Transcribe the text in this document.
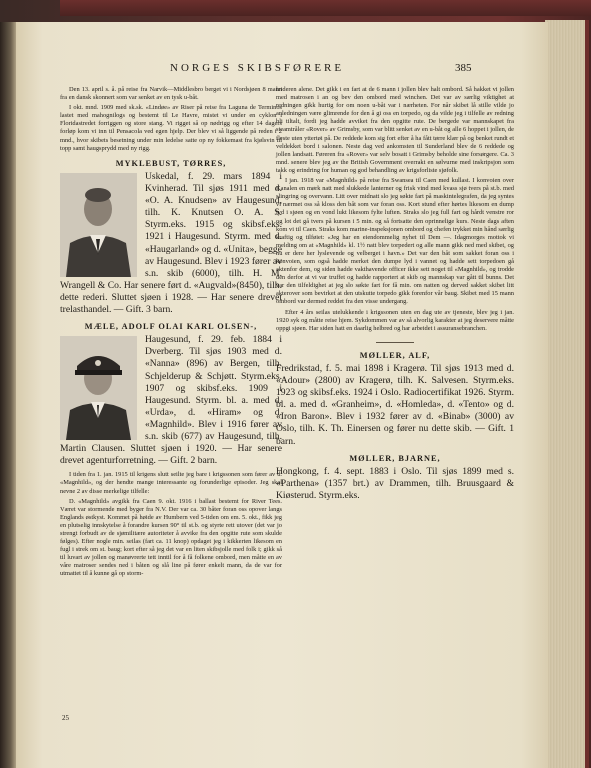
NORGES SKIBSFØRERE	385

Den 13. april s. å. på reise fra Narvik—Middlesbro berget vi i Nordsjøen 8 mann fra en dansk skonnert som var senket av en tysk u-båt.

I okt. mnd. 1909 med sk.sk. «Lindøe» av Riser på reise fra Laguna de Terminos lastet med mahognilogs og bestemt til Le Havre, mistet vi under en cyklon i Floridastredet forriggen og store stang. Vi rigget så op nødrigg og efter 14 dagers forløp kom vi inn til Pensacola ved egen hjelp. Der blev vi så liggende på reden i 2 mnd., hvor skibets besetning under min ledelse satte op ny fokkemast fra kjølsvin til topp samt haugsprydd med ny rigg.

MYKLEBUST, TØRRES,

Uskedal, f. 29. mars 1894 i Kvinherad. Til sjøs 1911 med d. «O. A. Knudsen» av Haugesund, tilh. K. Knutsen O. A. S. Styrm.eks. 1915 og skibsf.eks. 1921 i Haugesund. Styrm. med d. «Haugarland» og d. «Unita», begge av Haugesund. Blev i 1923 fører av s.n. skib (6000), tilh. H. M. Wrangell & Co. Har senere ført d. «Augvald»(8450), tilh. dette rederi. Sluttet sjøen i 1928. — Har senere drevet trelasthandel. — Gift. 3 barn.

MÆLE, ADOLF OLAI KARL OLSEN-,

Haugesund, f. 29. feb. 1884 i Dverberg. Til sjøs 1903 med d. «Nanna» (896) av Bergen, tilh. Schjelderup & Schjøtt. Styrm.eks. 1907 og skibsf.eks. 1909 i Haugesund. Styrm. bl. a. med d. «Urda», d. «Hiram» og d. «Magnhild». Blev i 1916 fører av s.n. skib (677) av Haugesund, tilh. Martin Clausen. Sluttet sjøen i 1920. — Har senere drevet agenturforretning. — Gift. 2 barn.

I tiden fra 1. jan. 1915 til krigens slutt seilte jeg bare i krigssonen som fører av d. «Magnhild», og der hendte mange interessante og forunderlige episoder. Jeg skal nevne 2 av disse merkelige tilfelle:

D. «Magnhild» avgikk fra Caen 9. okt. 1916 i ballast bestemt for River Tees. Været var stormende med byger fra N.V. Der var ca. 30 båter foran oss opover langs Englands østkyst. Kommet på høide av Humbern ved 5-tiden om em. 5. okt., fikk jeg en plutselig innskytelse å forandre kursen 90° til st.b. og styrte rett utover (det var jo strengt forbudt av de sjømilitære autoriteter å avvike fra den opgitte rute som skulde følges). Efter nogle min. seilas (fart ca. 11 knop) opdaget jeg i kikkerten likesom en fugl i strek om st. baug; kort efter så jeg det var en liten skibsjolle med folk i; gikk så til luvart av jollen og manøvrerte tett inntil for å få folkene ombord, men måtte en av våre matroser sendes ned i båten og slå line på fører enkelt mann, da de var for utmattet til å kunne gå op storm-

leideren alene. Det gikk i en fart at de 6 mann i jollen blev halt ombord. Så hakket vi jollen med matrosen i an og bev den ombord med winchen. Det var av særlig viktighet at redningen gikk hurtig for om noen u-båt var i nærheten. For når skibet lå stille vilde jo anledningen være glimrende for den å gi oss en torpedo, og da vilde jeg i tilfelle av redning bli tiltalt, fordi jeg hadde avviket fra den opgitte rute. De bergede var mannskapet fra steamtråler «Rover» av Grimsby, som var blitt senket av en u-båt og alle 6 hoppet i jollen, de fleste uten yttertøi på. De reddede kom sig fort efter å ha fått tørre klær på og benket rundt et veldekket bord i salonen. Neste dag ved ankomsten til Sunderland blev de 6 reddede og jollen landsatt. Føreren fra «Rover» var selv bosatt i Grimsby beholde sine forsørgere. Ca. 3 mnd. senere blev jeg av the British Government overrakt en sølvurne med inskripsjon som takk og erindring for human og god behandling av krigsforliste sjøfolk.

I jan. 1918 var «Magnhild» på reise fra Swansea til Caen med kullast. I konvoien over Kanalen en mørk natt med slukkede lanterner og frisk vind med kvass sjø tvers på st.b. med slingring og overvann. Litt over midnatt slo jeg søkte fart på maskintelegrafen, da jeg syntes vi nærmet oss så kloss den båt som var foran oss. Kort stund efter hørtes likesom en dump lyd i sjøen og en vond lukt likesom fylte luften. Straks slo jeg full fart og hårdt venstre ror og lot det gå tvers på kursen i 5 min. og så fortsatte den oprinnelige kurs. Neste dags aften kom vi til Caen. Straks kom marine-inspeksjonen ombord og chefen trykket min hånd særlig kraftig og tilføiet: «Jeg har en eiendommelig nyhet til Dem —. Idagmorges mottok vi melding om at «Magnhild» kl. 1½ natt blev torpedert og alle mann gikk ned med skibet, og nu er dere her lyslevende og velberget i havn.» Det var den båt som sakket foran oss i konvoien, som også hadde merket den dumpe lyd i vannet og hadde sett torpedoen gå aktenfor dem, og siden hadde vakthavende officer ikke sett noget til «Magnhild», og trodde den derfor at vi var truffet og hadde rapportert at skib og mannskap var gått til bunns. Det var den tilfeldighet at jeg slo søkte fart for få min. om natten og derved sakket skibet litt akterover som bevirket at den utskutte torpedo gikk forenfor vår baug. Skibet med 15 mann ombord var dermed reddet fra den visse undergang.

Efter 4 års seilas utelukkende i krigssonen uten en dag ute av tjeneste, blev jeg i jan. 1920 syk og måtte reise hjem. Sykdommen var av så alvorlig karakter at jeg deservere måtte oppgi sjøen. Har siden hatt en daarlig helbred og har arbeidet i assuransebranchen.

MØLLER, ALF,

Fredrikstad, f. 5. mai 1898 i Kragerø. Til sjøs 1913 med d. «Adour» (2800) av Kragerø, tilh. K. Salvesen. Styrm.eks. 1923 og skibsf.eks. 1924 i Oslo. Radiocertifikat 1926. Styrm. bl. a. med d. «Granheim», d. «Homleda», d. «Tento» og d. «Iron Baron». Blev i 1932 fører av d. «Binab» (3000) av Oslo, tilh. K. Th. Einersen og fører nu dette skib. — Gift. 1 barn.

MØLLER, BJARNE,

Hongkong, f. 4. sept. 1883 i Oslo. Til sjøs 1899 med s. «Parthena» (1357 brt.) av Drammen, tilh. Bruusgaard & Kiøsterud. Styrm.eks.

25
